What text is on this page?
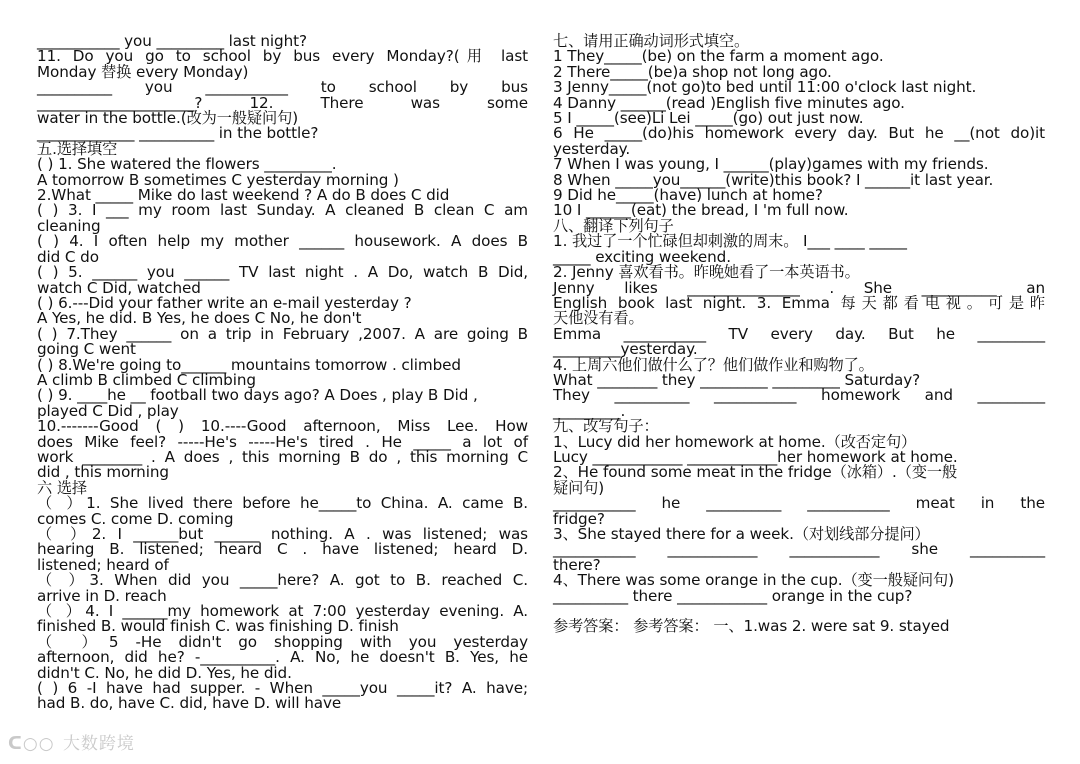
___________ you _________ last night?
11. Do you go to school by bus every Monday?(用 last
Monday 替换 every Monday)
__________ you ___________ to school by bus
_____________________? 12. There was some
water in the bottle.(改为一般疑问句)
_____________ __________ in the bottle?
五.选择填空
( ) 1. She watered the flowers _________.
A tomorrow B sometimes C yesterday morning )
2.What _____ Mike do last weekend ? A do B does C did
( ) 3. I ___ my room last Sunday. A cleaned B clean C am
cleaning
( ) 4. I often help my mother ______ housework. A does B
did C do
( ) 5. ______ you ______ TV last night . A Do, watch B Did,
watch C Did, watched
( ) 6.---Did your father write an e-mail yesterday ?
A Yes, he did. B Yes, he does C No, he don't
( ) 7.They ______ on a trip in February ,2007. A are going B
going C went
( ) 8.We're going to______ mountains tomorrow . climbed
A climb B climbed C climbing
( ) 9. ____he __ football two days ago? A Does , play B Did ,
played C Did , play
10.-------Good ( ) 10.----Good afternoon, Miss Lee. How
does Mike feel? -----He's -----He's tired . He _____ a lot of
work ________ . A does , this morning B do , this morning C
did , this morning
六 选择
（ ）1. She lived there before he_____to China. A. came B.
comes C. come D. coming
（ ）2. I ______but ______ nothing. A . was listened; was
hearing B. listened; heard C . have listened; heard D.
listened; heard of
（ ）3. When did you _____here? A. got to B. reached C.
arrive in D. reach
（ ）4. I ______my homework at 7:00 yesterday evening. A.
finished B. would finish C. was finishing D. finish
（ ）5 -He didn't go shopping with you yesterday
afternoon, did he? -__________. A. No, he doesn't B. Yes, he
didn't C. No, he did D. Yes, he did.
( ) 6 -I have had supper. - When _____you _____it? A. have;
had B. do, have C. did, have D. will have
七、请用正确动词形式填空。
1 They_____(be) on the farm a moment ago.
2 There_____(be)a shop not long ago.
3 Jenny_____(not go)to bed until 11:00 o'clock last night.
4 Danny ______(read )English five minutes ago.
5 I _____(see)Li Lei _____(go) out just now.
6 He _____(do)his homework every day. But he __(not do)it
yesterday.
7 When I was young, I ______(play)games with my friends.
8 When _____you______(write)this book? I ______it last year.
9 Did he_____(have) lunch at home?
10 I ______(eat) the bread, I 'm full now.
八、翻译下列句子
1. 我过了一个忙碌但却刺激的周末。 I___ ____ _____
_____ exciting weekend.
2. Jenny 喜欢看书。昨晚她看了一本英语书。
Jenny likes _______________ . She __________ an
English book last night. 3. Emma 每天都看电视。可是昨
天他没有看。
Emma ___________ TV every day. But he _________
_________yesterday.
4. 上周六他们做什么了？他们做作业和购物了。
What ________ they _________ _________ Saturday?
They __________ ___________ homework and _________
_________.
九、改写句子：
1、Lucy did her homework at home.（改否定句）
Lucy ____________ ____________her homework at home.
2、He found some meat in the fridge（冰箱）.（变一般
疑问句)
___________ he __________ ___________ meat in the
fridge?
3、She stayed there for a week.（对划线部分提问）
___________ ____________ ____________ she __________
there?
4、There was some orange in the cup.（变一般疑问句)
__________ there ____________ orange in the cup?

参考答案： 参考答案： 一、1.was 2. were sat 9. stayed
ᑕ○○ 大数跨境
